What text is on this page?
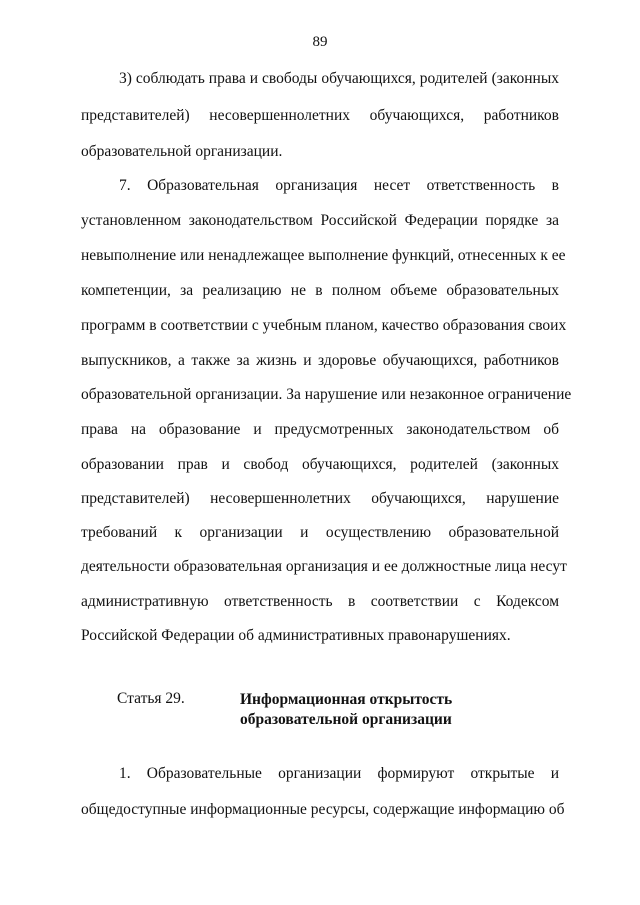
89
3) соблюдать права и свободы обучающихся, родителей (законных
представителей) несовершеннолетних обучающихся, работников
образовательной организации.
7. Образовательная организация несет ответственность в
установленном законодательством Российской Федерации порядке за
невыполнение или ненадлежащее выполнение функций, отнесенных к ее
компетенции, за реализацию не в полном объеме образовательных
программ в соответствии с учебным планом, качество образования своих
выпускников, а также за жизнь и здоровье обучающихся, работников
образовательной организации. За нарушение или незаконное ограничение
права на образование и предусмотренных законодательством об
образовании прав и свобод обучающихся, родителей (законных
представителей) несовершеннолетних обучающихся, нарушение
требований к организации и осуществлению образовательной
деятельности образовательная организация и ее должностные лица несут
административную ответственность в соответствии с Кодексом
Российской Федерации об административных правонарушениях.
Статья 29.	Информационная открытость
образовательной организации
1. Образовательные организации формируют открытые и
общедоступные информационные ресурсы, содержащие информацию об
